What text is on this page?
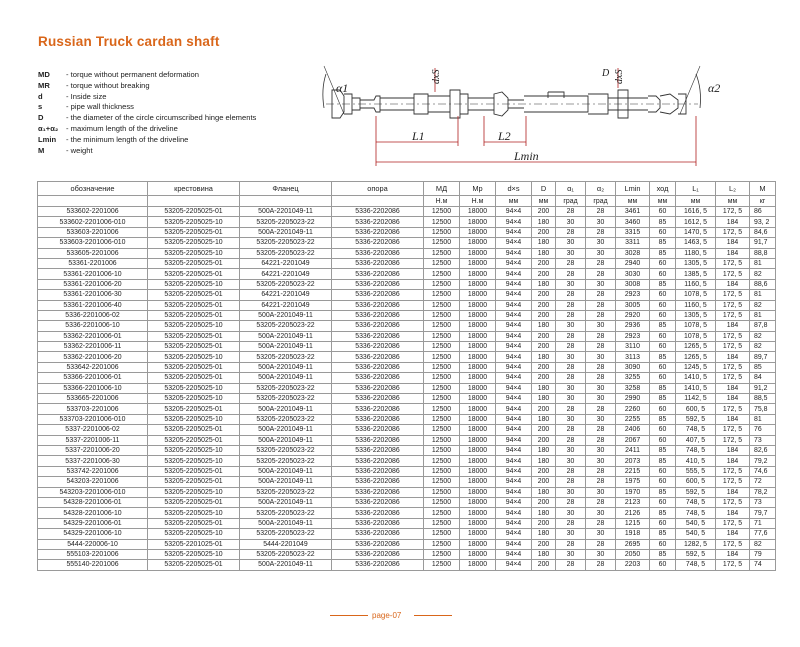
Russian Truck cardan shaft
MD	- torque without permanent deformation
MR	- torque without breaking
d	- Inside size
s	- pipe wall thickness
D	- the diameter of the circle circumscribed hinge elements
α₁+α₂	- maximum length of the driveline
Lmin	- the minimum length of the driveline
M	- weight
α1	α2
dxS	dxS
D
L1	L2
Lmin
обозначение	крестовина	Фланец	опора	МД	Мр	d×s	D	α₁	α₂	Lmin	ход	L₁	L₂	М
				Н.м	Н.м	мм	мм	град	град	мм	мм	мм	мм	кг
533602-2201006	53205-2205025-01	500A-2201049-11	5336-2202086	12500	18000	94×4	200	28	28	3461	60	1616, 5	172, 5	86
533602-2201006-010	53205-2205025-10	53205-2205023-22	5336-2202086	12500	18000	94×4	180	30	30	3460	85	1612, 5	184	93, 2
533603-2201006	53205-2205025-01	500A-2201049-11	5336-2202086	12500	18000	94×4	200	28	28	3315	60	1470, 5	172, 5	84,6
533603-2201006-010	53205-2205025-10	53205-2205023-22	5336-2202086	12500	18000	94×4	180	30	30	3311	85	1463, 5	184	91,7
533605-2201006	53205-2205025-10	53205-2205023-22	5336-2202086	12500	18000	94×4	180	30	30	3028	85	1180, 5	184	88,8
53361-2201006	53205-2205025-01	64221-2201049	5336-2202086	12500	18000	94×4	200	28	28	2940	60	1305, 5	172, 5	81
53361-2201006-10	53205-2205025-01	64221-2201049	5336-2202086	12500	18000	94×4	200	28	28	3030	60	1385, 5	172, 5	82
53361-2201006-20	53205-2205025-10	53205-2205023-22	5336-2202086	12500	18000	94×4	180	30	30	3008	85	1160, 5	184	88,6
53361-2201006-30	53205-2205025-01	64221-2201049	5336-2202086	12500	18000	94×4	200	28	28	2923	60	1078, 5	172, 5	81
53361-2201006-40	53205-2205025-01	64221-2201049	5336-2202086	12500	18000	94×4	200	28	28	3005	60	1160, 5	172, 5	82
5336-2201006-02	53205-2205025-01	500A-2201049-11	5336-2202086	12500	18000	94×4	200	28	28	2920	60	1305, 5	172, 5	81
5336-2201006-10	53205-2205025-10	53205-2205023-22	5336-2202086	12500	18000	94×4	180	30	30	2936	85	1078, 5	184	87,8
53362-2201006-01	53205-2205025-01	500A-2201049-11	5336-2202086	12500	18000	94×4	200	28	28	2923	60	1078, 5	172, 5	82
53362-2201006-11	53205-2205025-01	500A-2201049-11	5336-2202086	12500	18000	94×4	200	28	28	3110	60	1265, 5	172, 5	82
53362-2201006-20	53205-2205025-10	53205-2205023-22	5336-2202086	12500	18000	94×4	180	30	30	3113	85	1265, 5	184	89,7
533642-2201006	53205-2205025-01	500A-2201049-11	5336-2202086	12500	18000	94×4	200	28	28	3090	60	1245, 5	172, 5	85
53366-2201006-01	53205-2205025-01	500A-2201049-11	5336-2202086	12500	18000	94×4	200	28	28	3255	60	1410, 5	172, 5	84
53366-2201006-10	53205-2205025-10	53205-2205023-22	5336-2202086	12500	18000	94×4	180	30	30	3258	85	1410, 5	184	91,2
533665-2201006	53205-2205025-10	53205-2205023-22	5336-2202086	12500	18000	94×4	180	30	30	2990	85	1142, 5	184	88,5
533703-2201006	53205-2205025-01	500A-2201049-11	5336-2202086	12500	18000	94×4	200	28	28	2260	60	600, 5	172, 5	75,8
533703-2201006-010	53205-2205025-10	53205-2205023-22	5336-2202086	12500	18000	94×4	180	30	30	2255	85	592, 5	184	81
5337-2201006-02	53205-2205025-01	500A-2201049-11	5336-2202086	12500	18000	94×4	200	28	28	2406	60	748, 5	172, 5	76
5337-2201006-11	53205-2205025-01	500A-2201049-11	5336-2202086	12500	18000	94×4	200	28	28	2067	60	407, 5	172, 5	73
5337-2201006-20	53205-2205025-10	53205-2205023-22	5336-2202086	12500	18000	94×4	180	30	30	2411	85	748, 5	184	82,6
5337-2201006-30	53205-2205025-10	53205-2205023-22	5336-2202086	12500	18000	94×4	180	30	30	2073	85	410, 5	184	79,2
533742-2201006	53205-2205025-01	500A-2201049-11	5336-2202086	12500	18000	94×4	200	28	28	2215	60	555, 5	172, 5	74,6
543203-2201006	53205-2205025-01	500A-2201049-11	5336-2202086	12500	18000	94×4	200	28	28	1975	60	600, 5	172, 5	72
543203-2201006-010	53205-2205025-10	53205-2205023-22	5336-2202086	12500	18000	94×4	180	30	30	1970	85	592, 5	184	78,2
54328-2201006-01	53205-2205025-01	500A-2201049-11	5336-2202086	12500	18000	94×4	200	28	28	2123	60	748, 5	172, 5	73
54328-2201006-10	53205-2205025-10	53205-2205023-22	5336-2202086	12500	18000	94×4	180	30	30	2126	85	748, 5	184	79,7
54329-2201006-01	53205-2205025-01	500A-2201049-11	5336-2202086	12500	18000	94×4	200	28	28	1215	60	540, 5	172, 5	71
54329-2201006-10	53205-2205025-10	53205-2205023-22	5336-2202086	12500	18000	94×4	180	30	30	1918	85	540, 5	184	77,6
5444-220006-10	53205-2201025-01	5444-2201049	5336-2202086	12500	18000	94×4	200	28	28	2695	60	1282, 5	172, 5	82
555103-2201006	53205-2205025-10	53205-2205023-22	5336-2202086	12500	18000	94×4	180	30	30	2050	85	592, 5	184	79
555140-2201006	53205-2205025-01	500A-2201049-11	5336-2202086	12500	18000	94×4	200	28	28	2203	60	748, 5	172, 5	74
page-07
